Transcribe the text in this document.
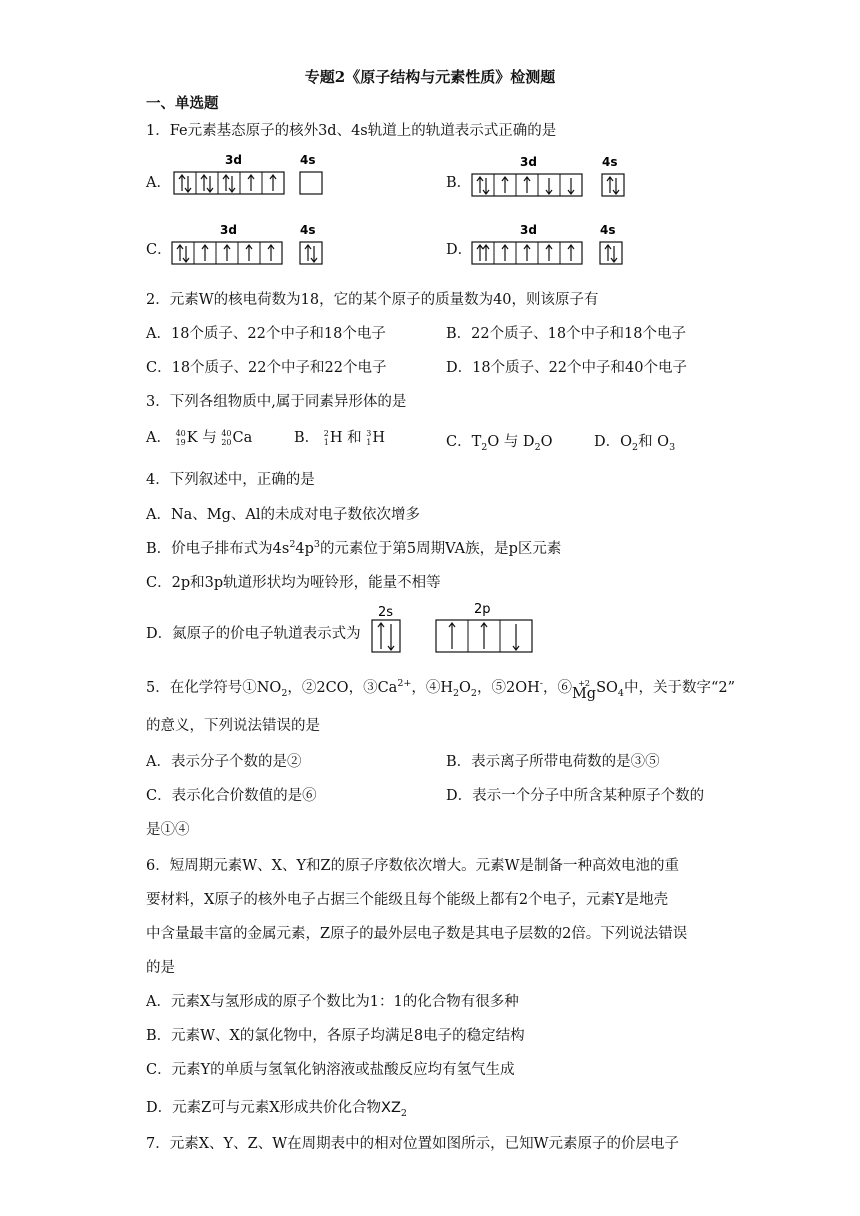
专题2《原子结构与元素性质》检测题
一、单选题
1．Fe元素基态原子的核外3d、4s轨道上的轨道表示式正确的是
A．
3d	4s
B．
3d	4s
C．
3d	4s
D．
3d	4s
2．元素W的核电荷数为18，它的某个原子的质量数为40，则该原子有
A．18个质子、22个中子和18个电子	B．22个质子、18个中子和18个电子
C．18个质子、22个中子和22个电子	D．18个质子、22个中子和40个电子
3．下列各组物质中,属于同素异形体的是
A． 40
19 K 与 40
20 Ca	B． 2
1 H 和 3
1 H	C．$T_2O$ 与 $D_2O$	D．$O_2$和 $O_3$
4．下列叙述中，正确的是
A．Na、Mg、Al的未成对电子数依次增多
B．价电子排布式为$4s^24p^3$的元素位于第5周期VA族，是p区元素
C．2p和3p轨道形状均为哑铃形，能量不相等
D．氮原子的价电子轨道表示式为
2s	2p
5．在化学符号$①NO_2$，②2CO，$③Ca^{2+}$，$④H_2O_2$，⑤2OH-，⑥ +2
Mg $SO_4$中，关于数字“2”
的意义，下列说法错误的是
A．表示分子个数的是②	B．表示离子所带电荷数的是③⑤
C．表示化合价数值的是⑥	D．表示一个分子中所含某种原子个数的
是①④
6．短周期元素W、X、Y和Z的原子序数依次增大。元素W是制备一种高效电池的重
要材料，X原子的核外电子占据三个能级且每个能级上都有2个电子，元素Y是地壳
中含量最丰富的金属元素，Z原子的最外层电子数是其电子层数的2倍。下列说法错误
的是
A．元素X与氢形成的原子个数比为1：1的化合物有很多种
B．元素W、X的氯化物中，各原子均满足8电子的稳定结构
C．元素Y的单质与氢氧化钠溶液或盐酸反应均有氢气生成
D．元素Z可与元素X形成共价化合物$XZ_2$
7．元素X、Y、Z、W在周期表中的相对位置如图所示，已知W元素原子的价层电子
